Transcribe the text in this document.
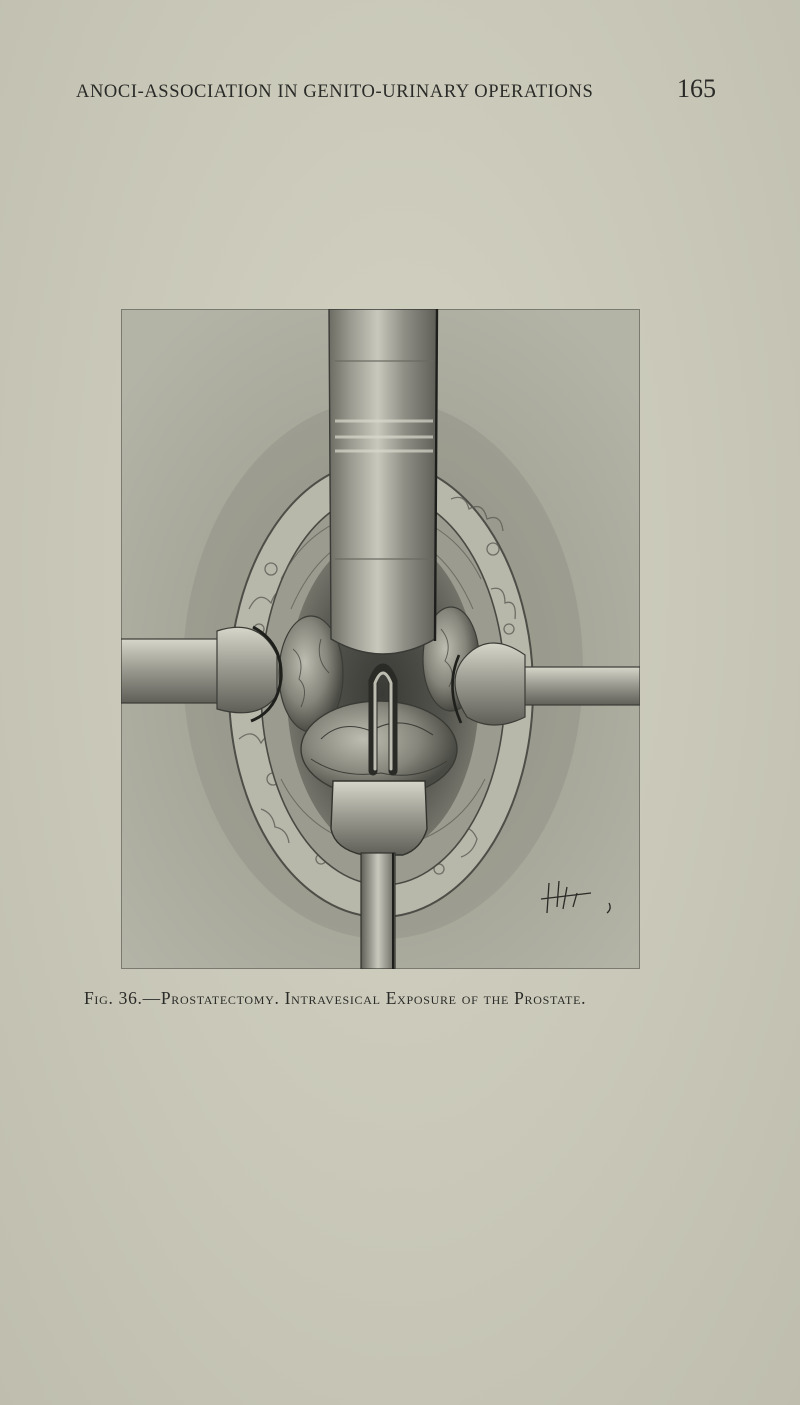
ANOCI-ASSOCIATION IN GENITO-URINARY OPERATIONS	165
Fig. 36.—Prostatectomy. Intravesical Exposure of the Prostate.
